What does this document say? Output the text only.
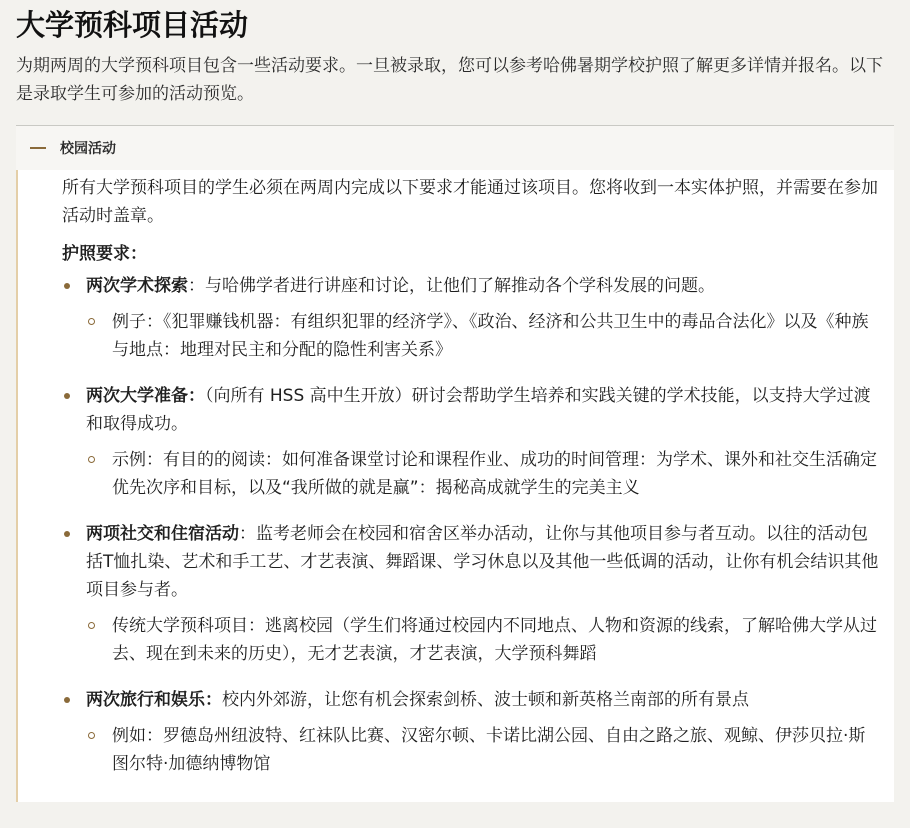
大学预科项目活动

为期两周的大学预科项目包含一些活动要求。一旦被录取，您可以参考哈佛暑期学校护照了解更多详情并报名。以下是录取学生可参加的活动预览。

校园活动

所有大学预科项目的学生必须在两周内完成以下要求才能通过该项目。您将收到一本实体护照，并需要在参加活动时盖章。

护照要求：

两次学术探索：与哈佛学者进行讲座和讨论，让他们了解推动各个学科发展的问题。
例子：《犯罪赚钱机器：有组织犯罪的经济学》、《政治、经济和公共卫生中的毒品合法化》以及《种族与地点：地理对民主和分配的隐性利害关系》
两次大学准备：（向所有 HSS 高中生开放）研讨会帮助学生培养和实践关键的学术技能，以支持大学过渡和取得成功。
示例：有目的的阅读：如何准备课堂讨论和课程作业、成功的时间管理：为学术、课外和社交生活确定优先次序和目标，以及“我所做的就是赢”：揭秘高成就学生的完美主义
两项社交和住宿活动：监考老师会在校园和宿舍区举办活动，让你与其他项目参与者互动。以往的活动包括T恤扎染、艺术和手工艺、才艺表演、舞蹈课、学习休息以及其他一些低调的活动，让你有机会结识其他项目参与者。
传统大学预科项目：逃离校园（学生们将通过校园内不同地点、人物和资源的线索，了解哈佛大学从过去、现在到未来的历史），无才艺表演，才艺表演，大学预科舞蹈
两次旅行和娱乐：校内外郊游，让您有机会探索剑桥、波士顿和新英格兰南部的所有景点
例如：罗德岛州纽波特、红袜队比赛、汉密尔顿、卡诺比湖公园、自由之路之旅、观鲸、伊莎贝拉·斯图尔特·加德纳博物馆
